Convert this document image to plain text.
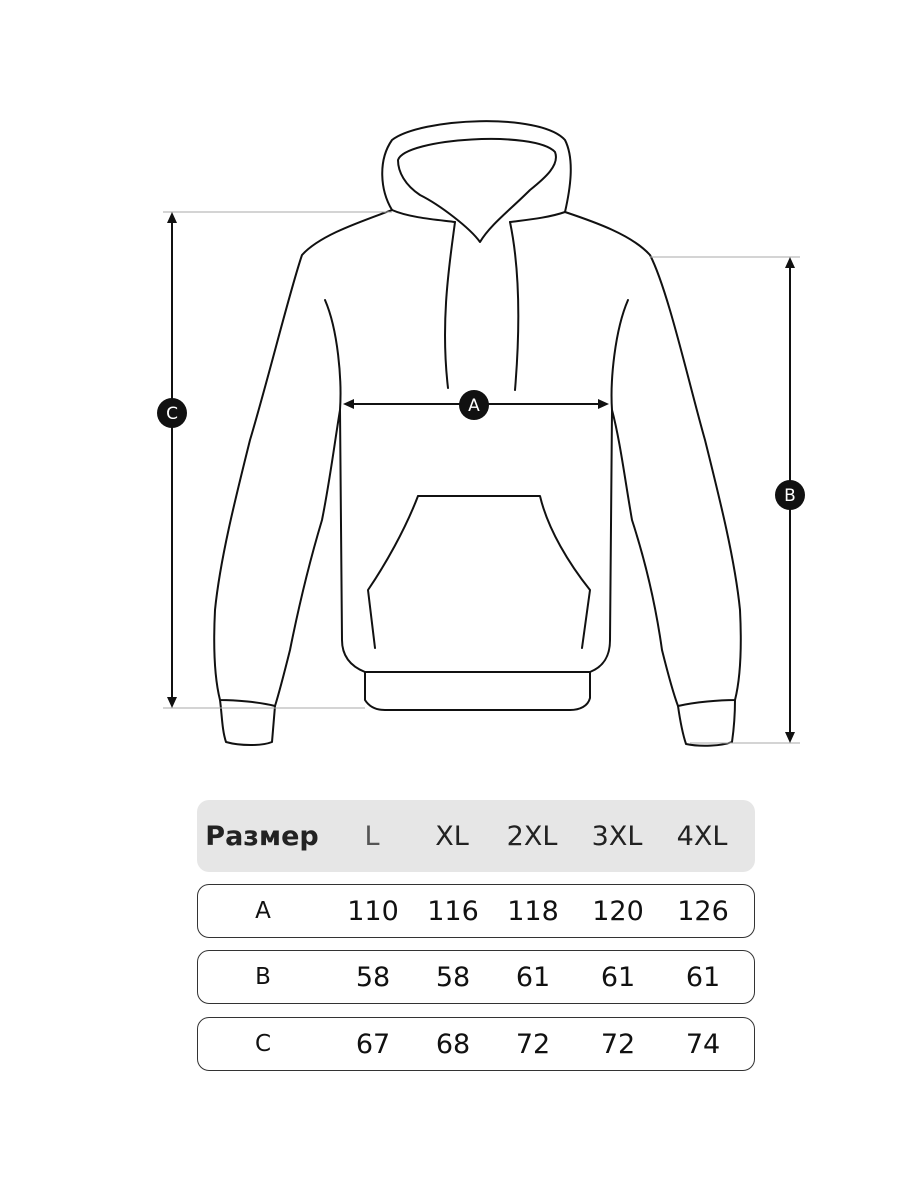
A
C
B
Размер	L	XL	2XL	3XL	4XL
A	110	116	118	120	126
B	58	58	61	61	61
C	67	68	72	72	74
